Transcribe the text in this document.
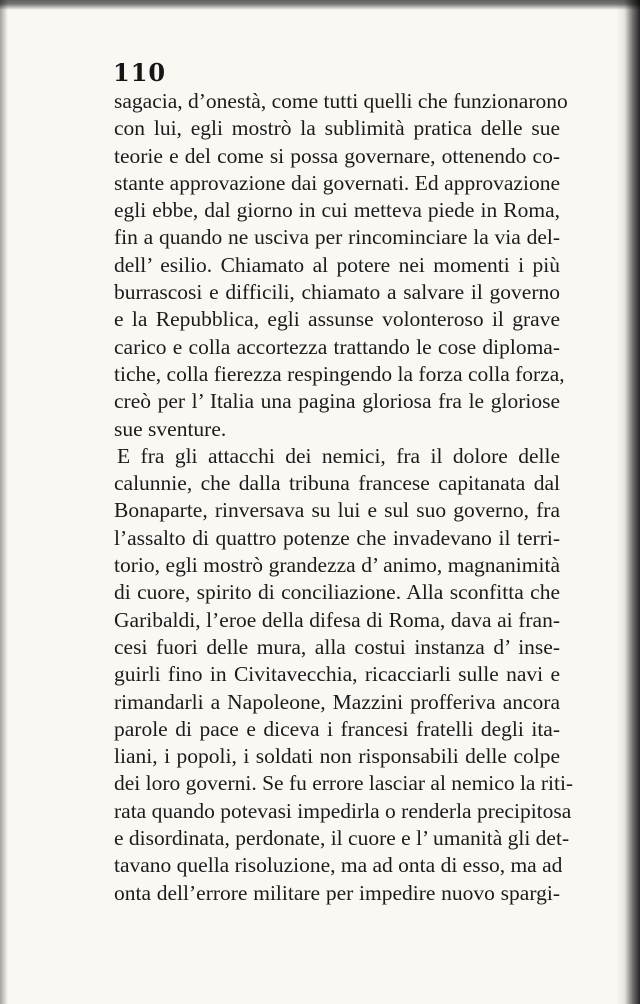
110
sagacia, d’onestà, come tutti quelli che funzionarono
con lui, egli mostrò la sublimità pratica delle sue
teorie e del come si possa governare, ottenendo co-
stante approvazione dai governati. Ed approvazione
egli ebbe, dal giorno in cui metteva piede in Roma,
fin a quando ne usciva per rincominciare la via del-
dell’ esilio. Chiamato al potere nei momenti i più
burrascosi e difficili, chiamato a salvare il governo
e la Repubblica, egli assunse volonteroso il grave
carico e colla accortezza trattando le cose diploma-
tiche, colla fierezza respingendo la forza colla forza,
creò per l’ Italia una pagina gloriosa fra le gloriose
sue sventure.
E fra gli attacchi dei nemici, fra il dolore delle
calunnie, che dalla tribuna francese capitanata dal
Bonaparte, rinversava su lui e sul suo governo, fra
l’assalto di quattro potenze che invadevano il terri-
torio, egli mostrò grandezza d’ animo, magnanimità
di cuore, spirito di conciliazione. Alla sconfitta che
Garibaldi, l’eroe della difesa di Roma, dava ai fran-
cesi fuori delle mura, alla costui instanza d’ inse-
guirli fino in Civitavecchia, ricacciarli sulle navi e
rimandarli a Napoleone, Mazzini profferiva ancora
parole di pace e diceva i francesi fratelli degli ita-
liani, i popoli, i soldati non risponsabili delle colpe
dei loro governi. Se fu errore lasciar al nemico la riti-
rata quando potevasi impedirla o renderla precipitosa
e disordinata, perdonate, il cuore e l’ umanità gli det-
tavano quella risoluzione, ma ad onta di esso, ma ad
onta dell’errore militare per impedire nuovo spargi-
